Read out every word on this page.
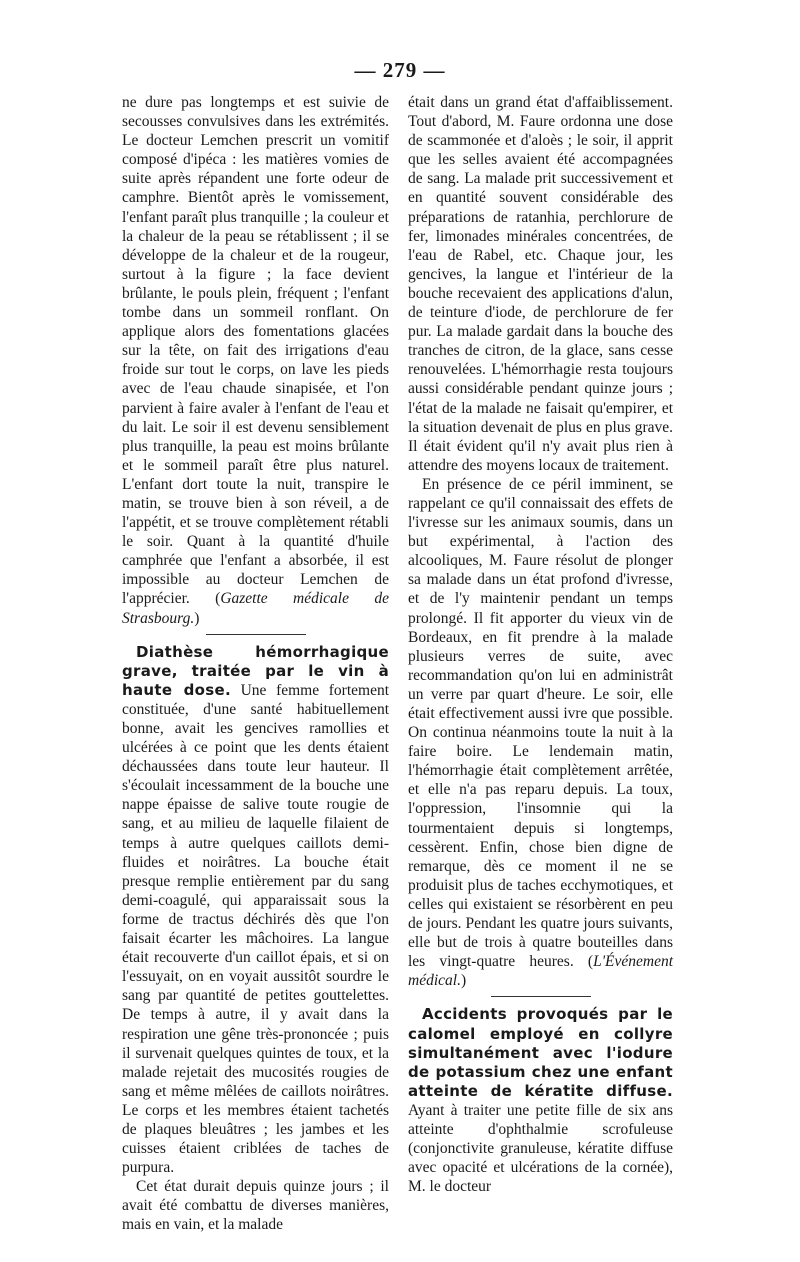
— 279 —

ne dure pas longtemps et est suivie de secousses convulsives dans les extrémités. Le docteur Lemchen prescrit un vomitif composé d'ipéca : les matières vomies de suite après répandent une forte odeur de camphre. Bientôt après le vomissement, l'enfant paraît plus tranquille ; la couleur et la chaleur de la peau se rétablissent ; il se développe de la chaleur et de la rougeur, surtout à la figure ; la face devient brûlante, le pouls plein, fréquent ; l'enfant tombe dans un sommeil ronflant. On applique alors des fomentations glacées sur la tête, on fait des irrigations d'eau froide sur tout le corps, on lave les pieds avec de l'eau chaude sinapisée, et l'on parvient à faire avaler à l'enfant de l'eau et du lait. Le soir il est devenu sensiblement plus tranquille, la peau est moins brûlante et le sommeil paraît être plus naturel. L'enfant dort toute la nuit, transpire le matin, se trouve bien à son réveil, a de l'appétit, et se trouve complètement rétabli le soir. Quant à la quantité d'huile camphrée que l'enfant a absorbée, il est impossible au docteur Lemchen de l'apprécier. (Gazette médicale de Strasbourg.)

Diathèse hémorrhagique grave, traitée par le vin à haute dose. Une femme fortement constituée, d'une santé habituellement bonne, avait les gencives ramollies et ulcérées à ce point que les dents étaient déchaussées dans toute leur hauteur. Il s'écoulait incessamment de la bouche une nappe épaisse de salive toute rougie de sang, et au milieu de laquelle filaient de temps à autre quelques caillots demi-fluides et noirâtres. La bouche était presque remplie entièrement par du sang demi-coagulé, qui apparaissait sous la forme de tractus déchirés dès que l'on faisait écarter les mâchoires. La langue était recouverte d'un caillot épais, et si on l'essuyait, on en voyait aussitôt sourdre le sang par quantité de petites gouttelettes. De temps à autre, il y avait dans la respiration une gêne très-prononcée ; puis il survenait quelques quintes de toux, et la malade rejetait des mucosités rougies de sang et même mêlées de caillots noirâtres. Le corps et les membres étaient tachetés de plaques bleuâtres ; les jambes et les cuisses étaient criblées de taches de purpura.

Cet état durait depuis quinze jours ; il avait été combattu de diverses manières, mais en vain, et la malade

était dans un grand état d'affaiblissement. Tout d'abord, M. Faure ordonna une dose de scammonée et d'aloès ; le soir, il apprit que les selles avaient été accompagnées de sang. La malade prit successivement et en quantité souvent considérable des préparations de ratanhia, perchlorure de fer, limonades minérales concentrées, de l'eau de Rabel, etc. Chaque jour, les gencives, la langue et l'intérieur de la bouche recevaient des applications d'alun, de teinture d'iode, de perchlorure de fer pur. La malade gardait dans la bouche des tranches de citron, de la glace, sans cesse renouvelées. L'hémorrhagie resta toujours aussi considérable pendant quinze jours ; l'état de la malade ne faisait qu'empirer, et la situation devenait de plus en plus grave. Il était évident qu'il n'y avait plus rien à attendre des moyens locaux de traitement.

En présence de ce péril imminent, se rappelant ce qu'il connaissait des effets de l'ivresse sur les animaux soumis, dans un but expérimental, à l'action des alcooliques, M. Faure résolut de plonger sa malade dans un état profond d'ivresse, et de l'y maintenir pendant un temps prolongé. Il fit apporter du vieux vin de Bordeaux, en fit prendre à la malade plusieurs verres de suite, avec recommandation qu'on lui en administrât un verre par quart d'heure. Le soir, elle était effectivement aussi ivre que possible. On continua néanmoins toute la nuit à la faire boire. Le lendemain matin, l'hémorrhagie était complètement arrêtée, et elle n'a pas reparu depuis. La toux, l'oppression, l'insomnie qui la tourmentaient depuis si longtemps, cessèrent. Enfin, chose bien digne de remarque, dès ce moment il ne se produisit plus de taches ecchymotiques, et celles qui existaient se résorbèrent en peu de jours. Pendant les quatre jours suivants, elle but de trois à quatre bouteilles dans les vingt-quatre heures. (L'Événement médical.)

Accidents provoqués par le calomel employé en collyre simultanément avec l'iodure de potassium chez une enfant atteinte de kératite diffuse. Ayant à traiter une petite fille de six ans atteinte d'ophthalmie scrofuleuse (conjonctivite granuleuse, kératite diffuse avec opacité et ulcérations de la cornée), M. le docteur
